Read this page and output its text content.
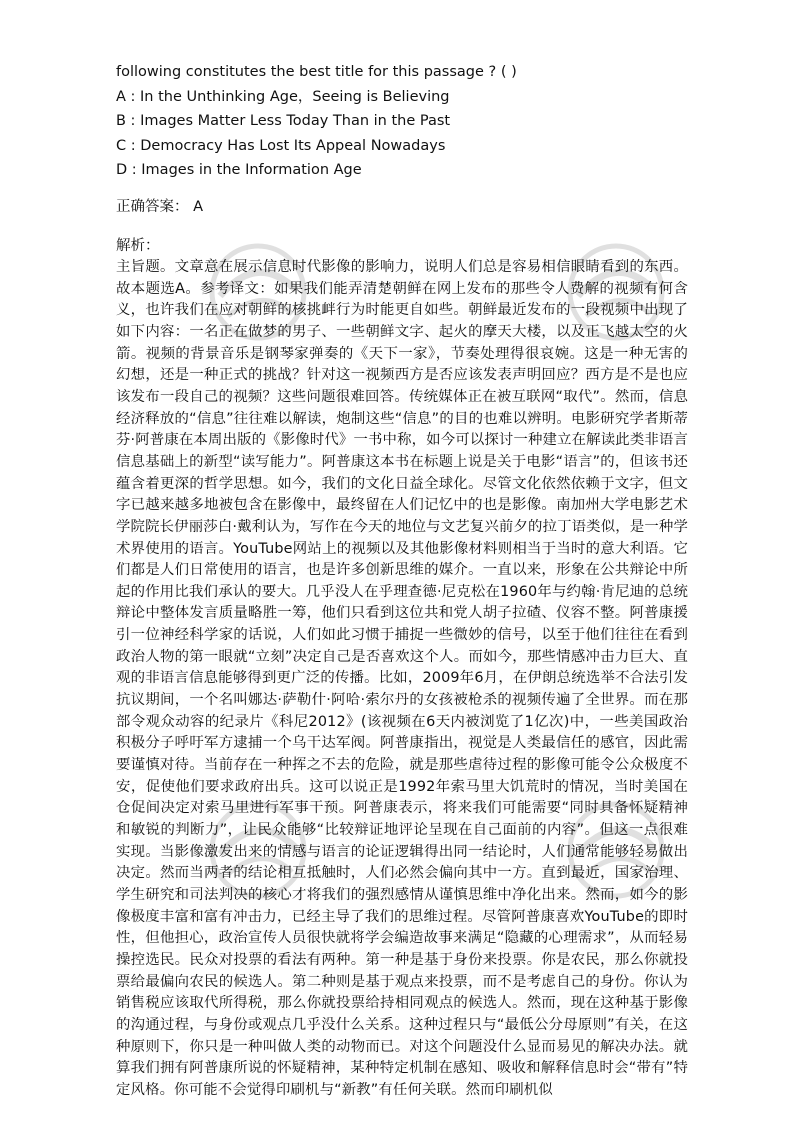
following constitutes the best title for this passage ? ( )
A : In the Unthinking Age，Seeing is Believing
B : Images Matter Less Today Than in the Past
C : Democracy Has Lost Its Appeal Nowadays
D : Images in the Information Age
正确答案： A
解析：
主旨题。文章意在展示信息时代影像的影响力，说明人们总是容易相信眼睛看到的东西。故本题选A。参考译文：如果我们能弄清楚朝鲜在网上发布的那些令人费解的视频有何含义，也许我们在应对朝鲜的核挑衅行为时能更自如些。朝鲜最近发布的一段视频中出现了如下内容：一名正在做梦的男子、一些朝鲜文字、起火的摩天大楼，以及正飞越太空的火箭。视频的背景音乐是钢琴家弹奏的《天下一家》，节奏处理得很哀婉。这是一种无害的幻想，还是一种正式的挑战？针对这一视频西方是否应该发表声明回应？西方是不是也应该发布一段自己的视频？这些问题很难回答。传统媒体正在被互联网“取代”。然而，信息经济释放的“信息”往往难以解读，炮制这些“信息”的目的也难以辨明。电影研究学者斯蒂芬·阿普康在本周出版的《影像时代》一书中称，如今可以探讨一种建立在解读此类非语言信息基础上的新型“读写能力”。阿普康这本书在标题上说是关于电影“语言”的，但该书还蕴含着更深的哲学思想。如今，我们的文化日益全球化。尽管文化依然依赖于文字，但文字已越来越多地被包含在影像中，最终留在人们记忆中的也是影像。南加州大学电影艺术学院院长伊丽莎白·戴利认为，写作在今天的地位与文艺复兴前夕的拉丁语类似，是一种学术界使用的语言。YouTube网站上的视频以及其他影像材料则相当于当时的意大利语。它们都是人们日常使用的语言，也是许多创新思维的媒介。一直以来，形象在公共辩论中所起的作用比我们承认的要大。几乎没人在乎理查德·尼克松在1960年与约翰·肯尼迪的总统辩论中整体发言质量略胜一筹，他们只看到这位共和党人胡子拉碴、仪容不整。阿普康援引一位神经科学家的话说，人们如此习惯于捕捉一些微妙的信号，以至于他们往往在看到政治人物的第一眼就“立刻”决定自己是否喜欢这个人。而如今，那些情感冲击力巨大、直观的非语言信息能够得到更广泛的传播。比如，2009年6月，在伊朗总统选举不合法引发抗议期间，一个名叫娜达·萨勒什·阿哈·索尔丹的女孩被枪杀的视频传遍了全世界。而在那部令观众动容的纪录片《科尼2012》(该视频在6天内被浏览了1亿次)中，一些美国政治积极分子呼吁军方逮捕一个乌干达军阀。阿普康指出，视觉是人类最信任的感官，因此需要谨慎对待。当前存在一种挥之不去的危险，就是那些虐待过程的影像可能令公众极度不安，促使他们要求政府出兵。这可以说正是1992年索马里大饥荒时的情况，当时美国在仓促间决定对索马里进行军事干预。阿普康表示，将来我们可能需要“同时具备怀疑精神和敏锐的判断力”，让民众能够“比较辩证地评论呈现在自己面前的内容”。但这一点很难实现。当影像激发出来的情感与语言的论证逻辑得出同一结论时，人们通常能够轻易做出决定。然而当两者的结论相互抵触时，人们必然会偏向其中一方。直到最近，国家治理、学生研究和司法判决的核心才将我们的强烈感情从谨慎思维中净化出来。然而，如今的影像极度丰富和富有冲击力，已经主导了我们的思维过程。尽管阿普康喜欢YouTube的即时性，但他担心，政治宣传人员很快就将学会编造故事来满足“隐藏的心理需求”，从而轻易操控选民。民众对投票的看法有两种。第一种是基于身份来投票。你是农民，那么你就投票给最偏向农民的候选人。第二种则是基于观点来投票，而不是考虑自己的身份。你认为销售税应该取代所得税，那么你就投票给持相同观点的候选人。然而，现在这种基于影像的沟通过程，与身份或观点几乎没什么关系。这种过程只与“最低公分母原则”有关，在这种原则下，你只是一种叫做人类的动物而已。对这个问题没什么显而易见的解决办法。就算我们拥有阿普康所说的怀疑精神，某种特定机制在感知、吸收和解释信息时会“带有”特定风格。你可能不会觉得印刷机与“新教”有任何关联。然而印刷机似
